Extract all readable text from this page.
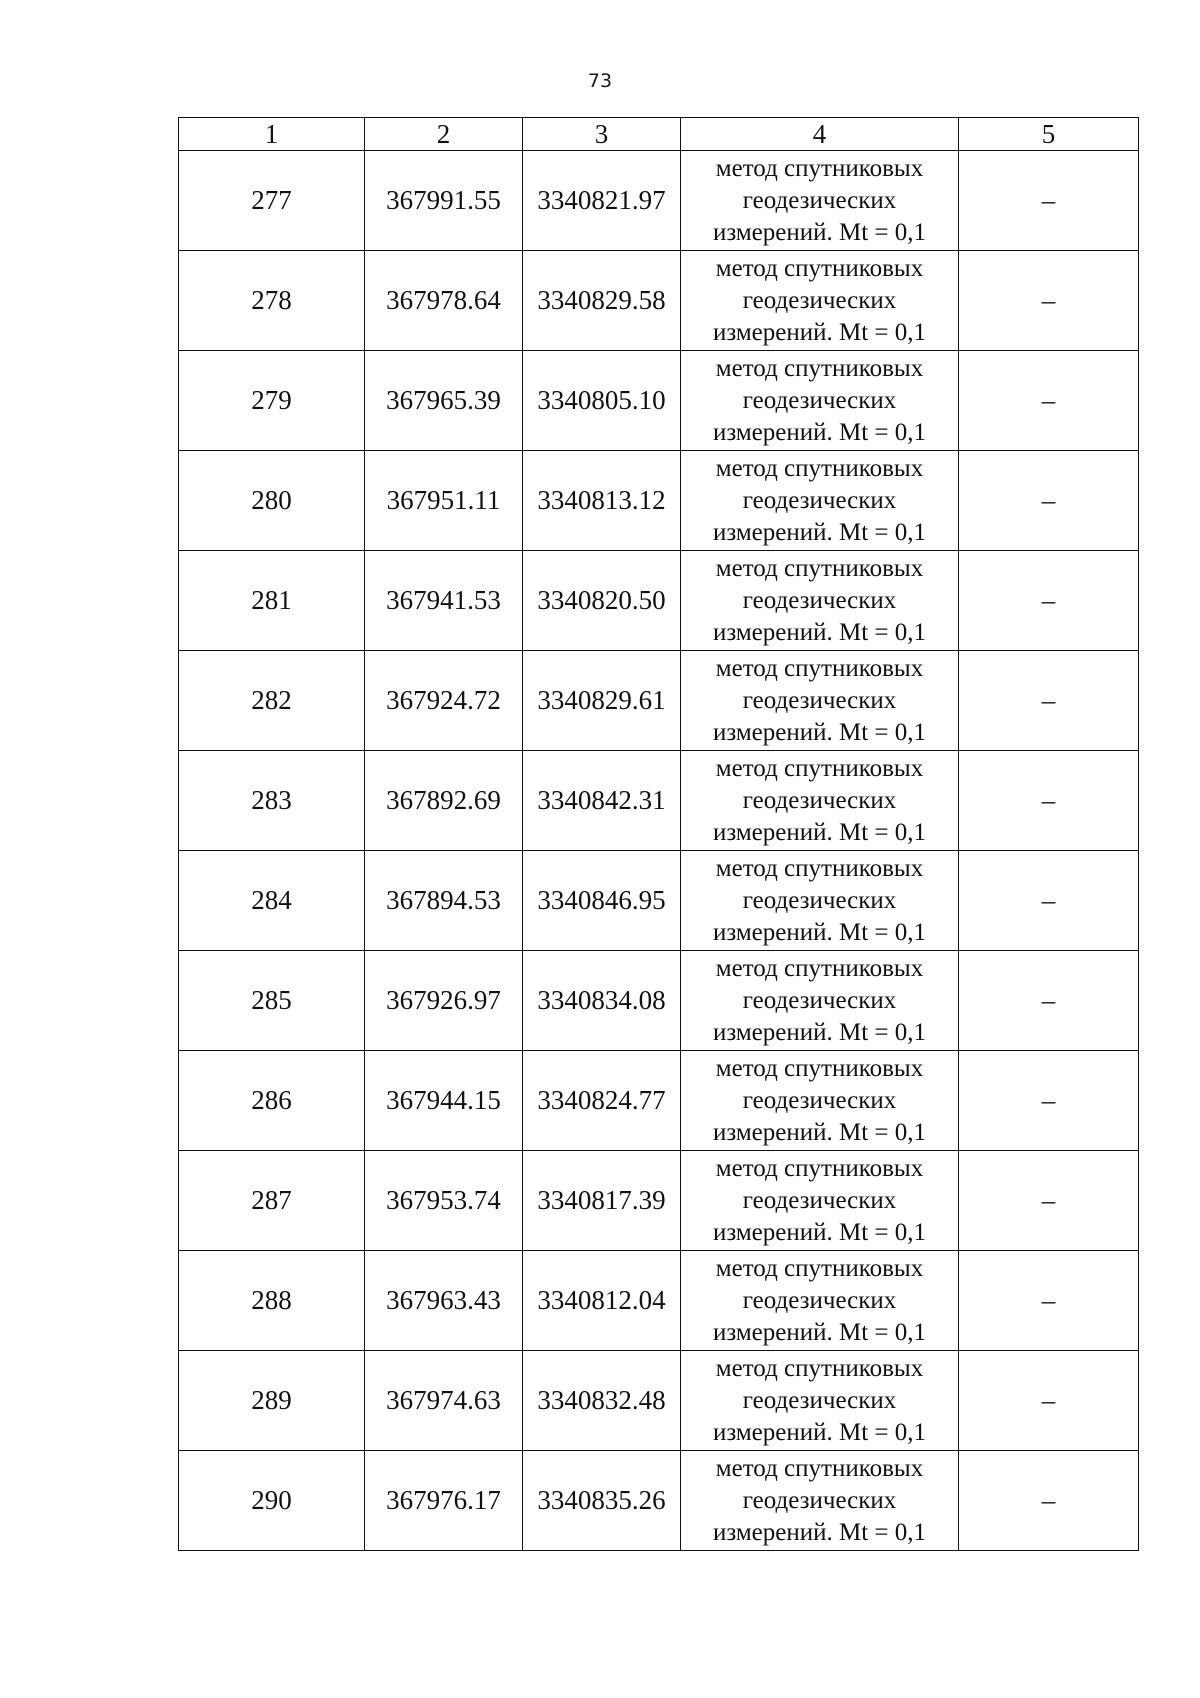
73
1	2	3	4	5
277	367991.55	3340821.97	метод спутниковых геодезических измерений. Mt = 0,1	–
278	367978.64	3340829.58	метод спутниковых геодезических измерений. Mt = 0,1	–
279	367965.39	3340805.10	метод спутниковых геодезических измерений. Mt = 0,1	–
280	367951.11	3340813.12	метод спутниковых геодезических измерений. Mt = 0,1	–
281	367941.53	3340820.50	метод спутниковых геодезических измерений. Mt = 0,1	–
282	367924.72	3340829.61	метод спутниковых геодезических измерений. Mt = 0,1	–
283	367892.69	3340842.31	метод спутниковых геодезических измерений. Mt = 0,1	–
284	367894.53	3340846.95	метод спутниковых геодезических измерений. Mt = 0,1	–
285	367926.97	3340834.08	метод спутниковых геодезических измерений. Mt = 0,1	–
286	367944.15	3340824.77	метод спутниковых геодезических измерений. Mt = 0,1	–
287	367953.74	3340817.39	метод спутниковых геодезических измерений. Mt = 0,1	–
288	367963.43	3340812.04	метод спутниковых геодезических измерений. Mt = 0,1	–
289	367974.63	3340832.48	метод спутниковых геодезических измерений. Mt = 0,1	–
290	367976.17	3340835.26	метод спутниковых геодезических измерений. Mt = 0,1	–
